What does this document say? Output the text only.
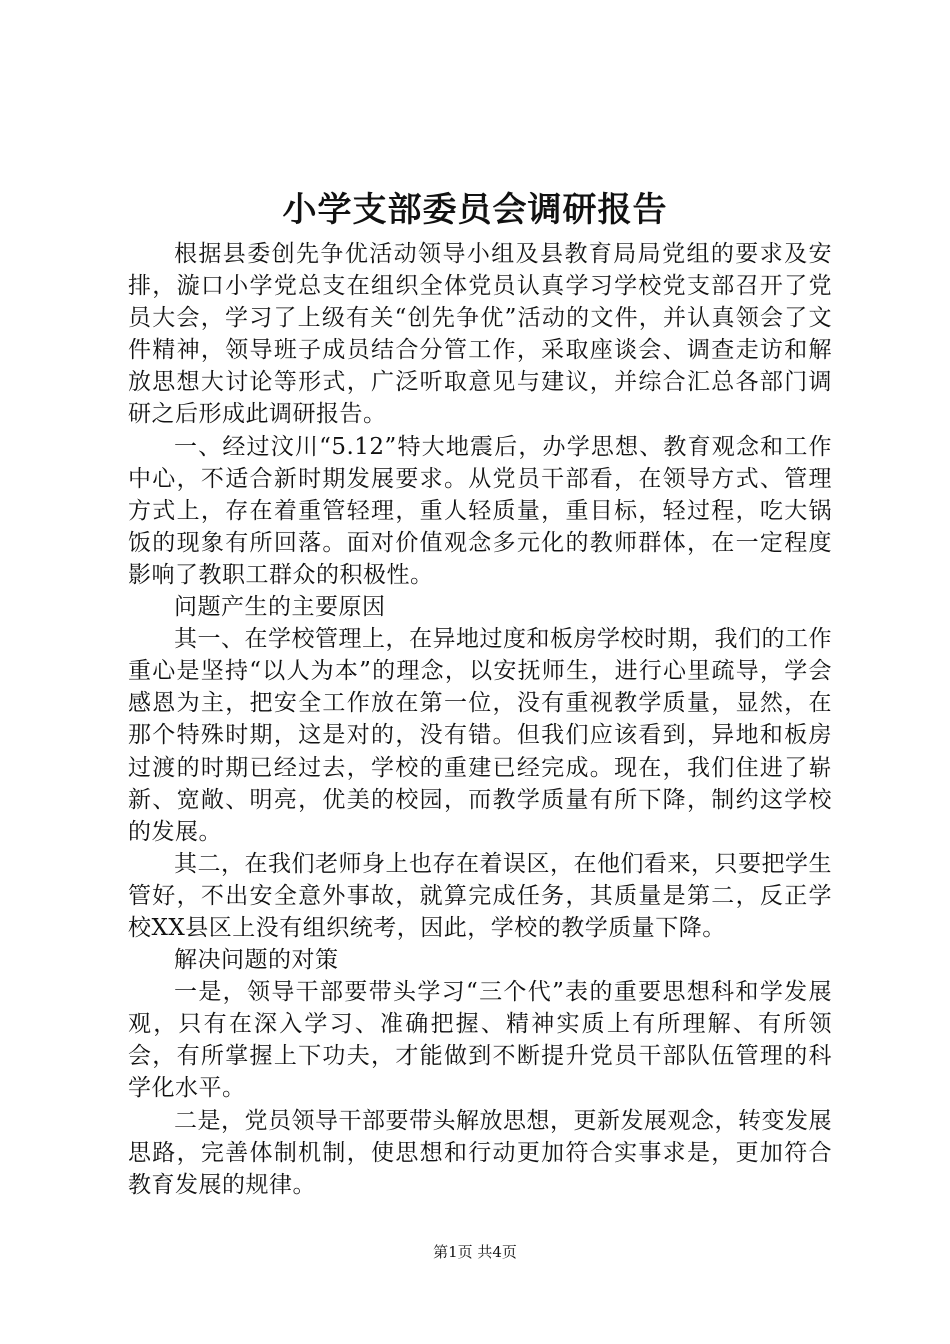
小学支部委员会调研报告

根据县委创先争优活动领导小组及县教育局局党组的要求及安排，漩口小学党总支在组织全体党员认真学习学校党支部召开了党员大会，学习了上级有关“创先争优”活动的文件，并认真领会了文件精神，领导班子成员结合分管工作，采取座谈会、调查走访和解放思想大讨论等形式，广泛听取意见与建议，并综合汇总各部门调研之后形成此调研报告。

一、经过汶川“5.12”特大地震后，办学思想、教育观念和工作中心，不适合新时期发展要求。从党员干部看，在领导方式、管理方式上，存在着重管轻理，重人轻质量，重目标，轻过程，吃大锅饭的现象有所回落。面对价值观念多元化的教师群体，在一定程度影响了教职工群众的积极性。

问题产生的主要原因

其一、在学校管理上，在异地过度和板房学校时期，我们的工作重心是坚持“以人为本”的理念，以安抚师生，进行心里疏导，学会感恩为主，把安全工作放在第一位，没有重视教学质量，显然，在那个特殊时期，这是对的，没有错。但我们应该看到，异地和板房过渡的时期已经过去，学校的重建已经完成。现在，我们住进了崭新、宽敞、明亮，优美的校园，而教学质量有所下降，制约这学校的发展。

其二，在我们老师身上也存在着误区，在他们看来，只要把学生管好，不出安全意外事故，就算完成任务，其质量是第二，反正学校XX县区上没有组织统考，因此，学校的教学质量下降。

解决问题的对策

一是，领导干部要带头学习“三个代”表的重要思想科和学发展观，只有在深入学习、准确把握、精神实质上有所理解、有所领会，有所掌握上下功夫，才能做到不断提升党员干部队伍管理的科学化水平。

二是，党员领导干部要带头解放思想，更新发展观念，转变发展思路，完善体制机制，使思想和行动更加符合实事求是，更加符合教育发展的规律。

第1页 共4页
